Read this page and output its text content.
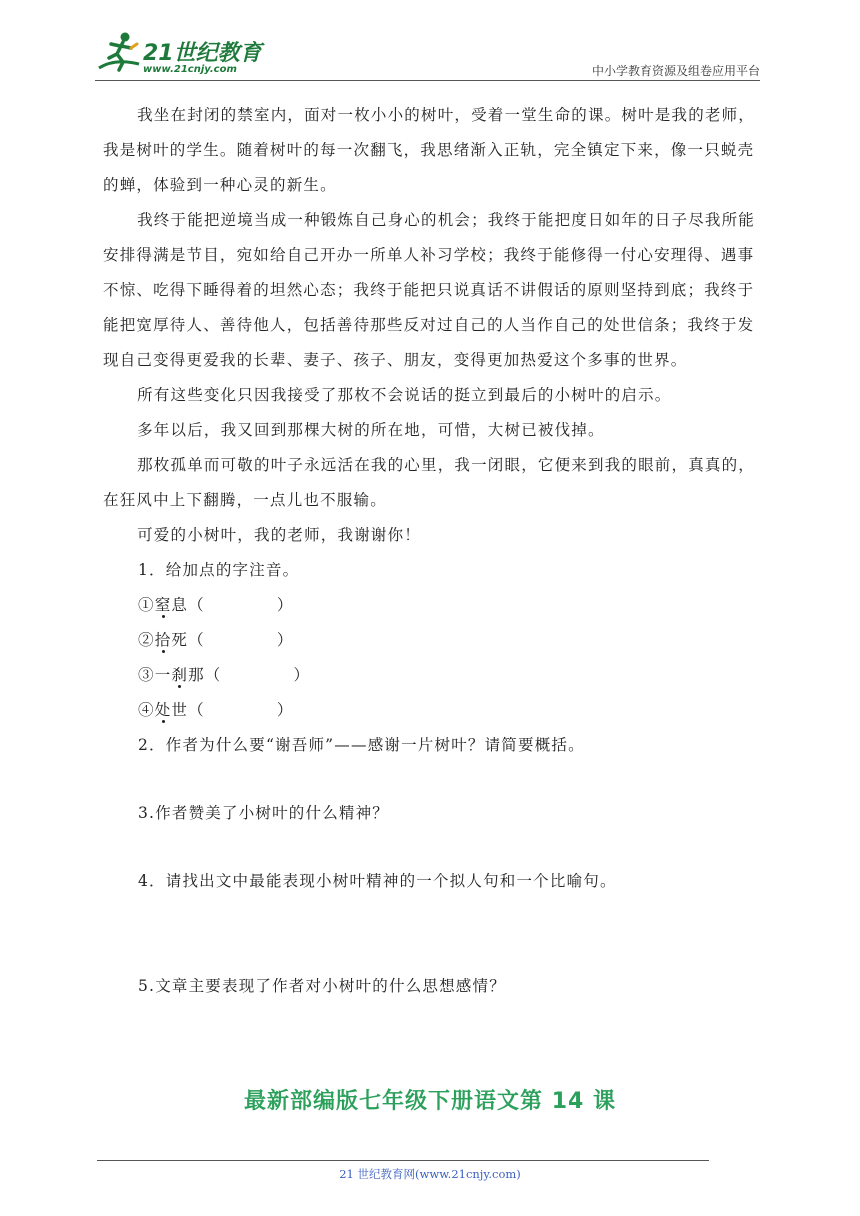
21世纪教育
www.21cnjy.com	中小学教育资源及组卷应用平台

我坐在封闭的禁室内，面对一枚小小的树叶，受着一堂生命的课。树叶是我的老师，我是树叶的学生。随着树叶的每一次翻飞，我思绪渐入正轨，完全镇定下来，像一只蜕壳的蝉，体验到一种心灵的新生。

我终于能把逆境当成一种锻炼自己身心的机会；我终于能把度日如年的日子尽我所能安排得满是节目，宛如给自己开办一所单人补习学校；我终于能修得一付心安理得、遇事不惊、吃得下睡得着的坦然心态；我终于能把只说真话不讲假话的原则坚持到底；我终于能把宽厚待人、善待他人，包括善待那些反对过自己的人当作自己的处世信条；我终于发现自己变得更爱我的长辈、妻子、孩子、朋友，变得更加热爱这个多事的世界。

所有这些变化只因我接受了那枚不会说话的挺立到最后的小树叶的启示。

多年以后，我又回到那棵大树的所在地，可惜，大树已被伐掉。

那枚孤单而可敬的叶子永远活在我的心里，我一闭眼，它便来到我的眼前，真真的，在狂风中上下翻腾，一点儿也不服输。

可爱的小树叶，我的老师，我谢谢你！

1．给加点的字注音。

①窒息（	）

②拾死（	）

③一刹那（	）

④处世（	）

2．作者为什么要“谢吾师”——感谢一片树叶？请简要概括。

3.作者赞美了小树叶的什么精神？

4．请找出文中最能表现小树叶精神的一个拟人句和一个比喻句。

5.文章主要表现了作者对小树叶的什么思想感情？

最新部编版七年级下册语文第 14 课
21 世纪教育网(www.21cnjy.com)
